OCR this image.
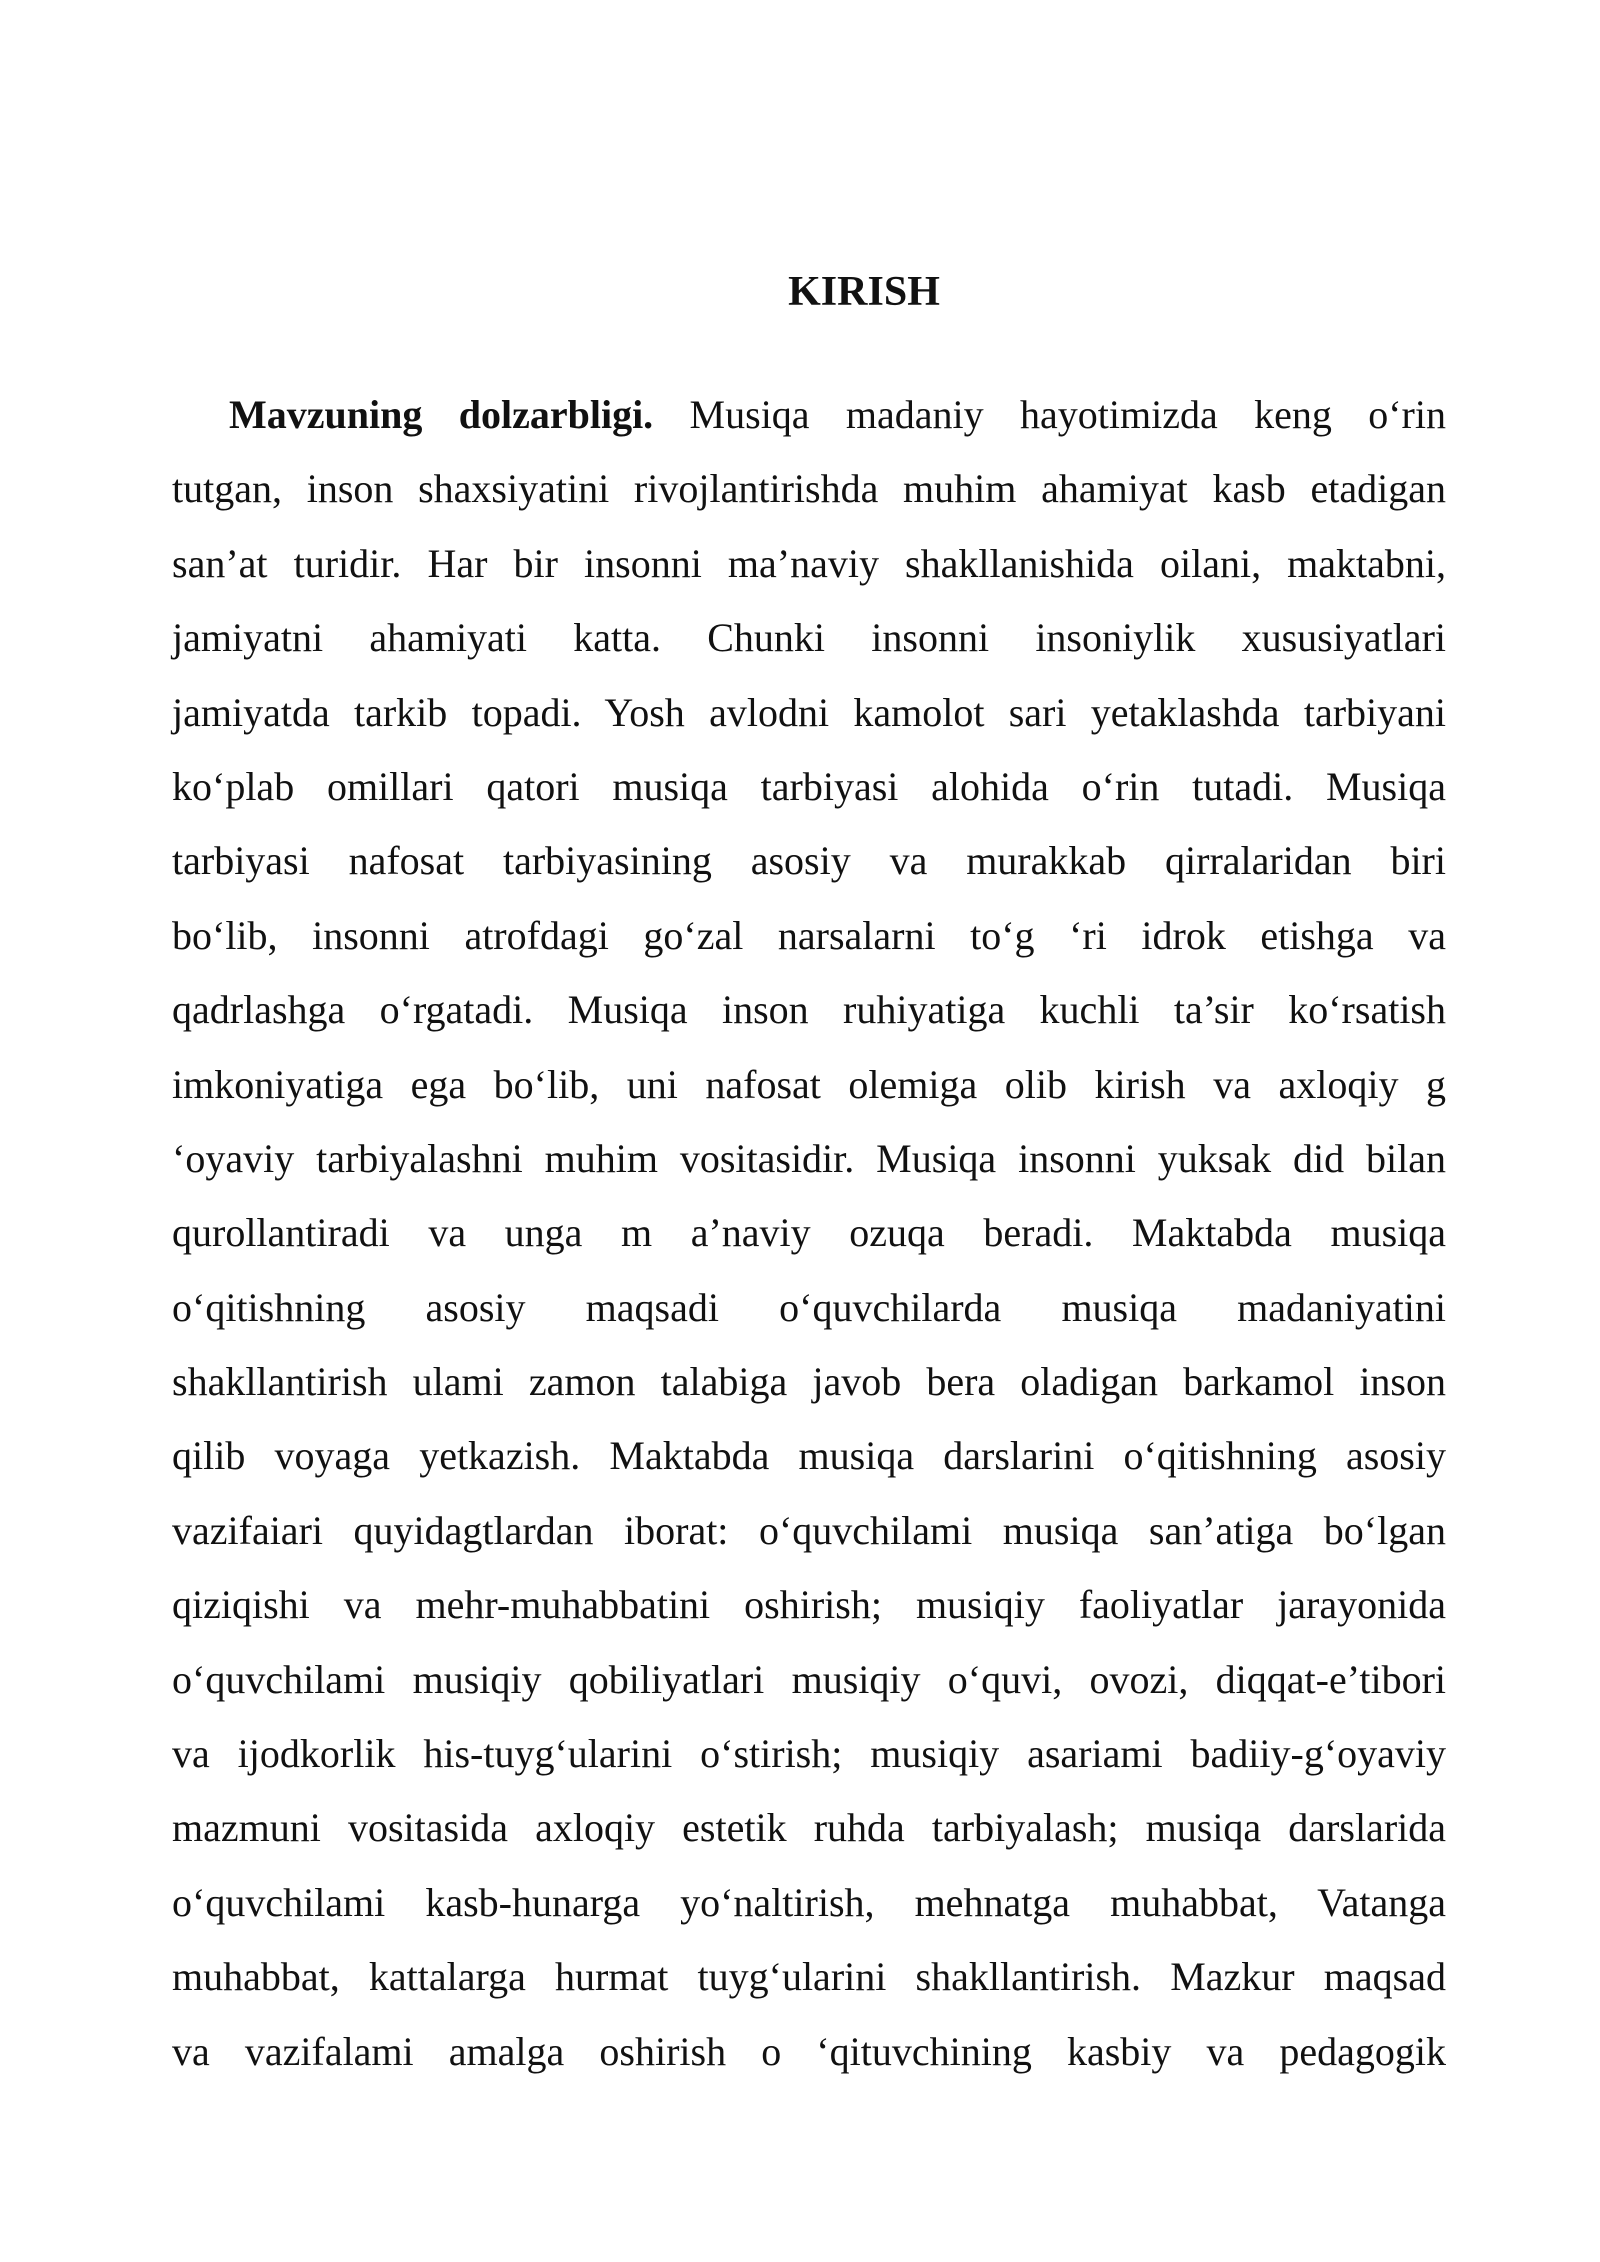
KIRISH
Mavzuning dolzarbligi. Musiqa madaniy hayotimizda keng oʻrin
tutgan, inson shaxsiyatini rivojlantirishda muhim ahamiyat kasb etadigan
san’at turidir. Har bir insonni ma’naviy shakllanishida oilani, maktabni,
jamiyatni ahamiyati katta. Chunki insonni insoniylik xususiyatlari
jamiyatda tarkib topadi. Yosh avlodni kamolot sari yetaklashda tarbiyani
koʻplab omillari qatori musiqa tarbiyasi alohida oʻrin tutadi. Musiqa
tarbiyasi nafosat tarbiyasining asosiy va murakkab qirralaridan biri
boʻlib, insonni atrofdagi goʻzal narsalarni toʻg ʻri idrok etishga va
qadrlashga oʻrgatadi. Musiqa inson ruhiyatiga kuchli ta’sir koʻrsatish
imkoniyatiga ega boʻlib, uni nafosat olemiga olib kirish va axloqiy g
ʻoyaviy tarbiyalashni muhim vositasidir. Musiqa insonni yuksak did bilan
qurollantiradi va unga m a’naviy ozuqa beradi. Maktabda musiqa
oʻqitishning asosiy maqsadi oʻquvchilarda musiqa madaniyatini
shakllantirish ulami zamon talabiga javob bera oladigan barkamol inson
qilib voyaga yetkazish. Maktabda musiqa darslarini oʻqitishning asosiy
vazifaiari quyidagtlardan iborat: oʻquvchilami musiqa san’atiga boʻlgan
qiziqishi va mehr-muhabbatini oshirish; musiqiy faoliyatlar jarayonida
oʻquvchilami musiqiy qobiliyatlari musiqiy oʻquvi, ovozi, diqqat-e’tibori
va ijodkorlik his-tuygʻularini oʻstirish; musiqiy asariami badiiy-gʻoyaviy
mazmuni vositasida axloqiy estetik ruhda tarbiyalash; musiqa darslarida
oʻquvchilami kasb-hunarga yoʻnaltirish, mehnatga muhabbat, Vatanga
muhabbat, kattalarga hurmat tuygʻularini shakllantirish. Mazkur maqsad
va vazifalami amalga oshirish o ʻqituvchining kasbiy va pedagogik
